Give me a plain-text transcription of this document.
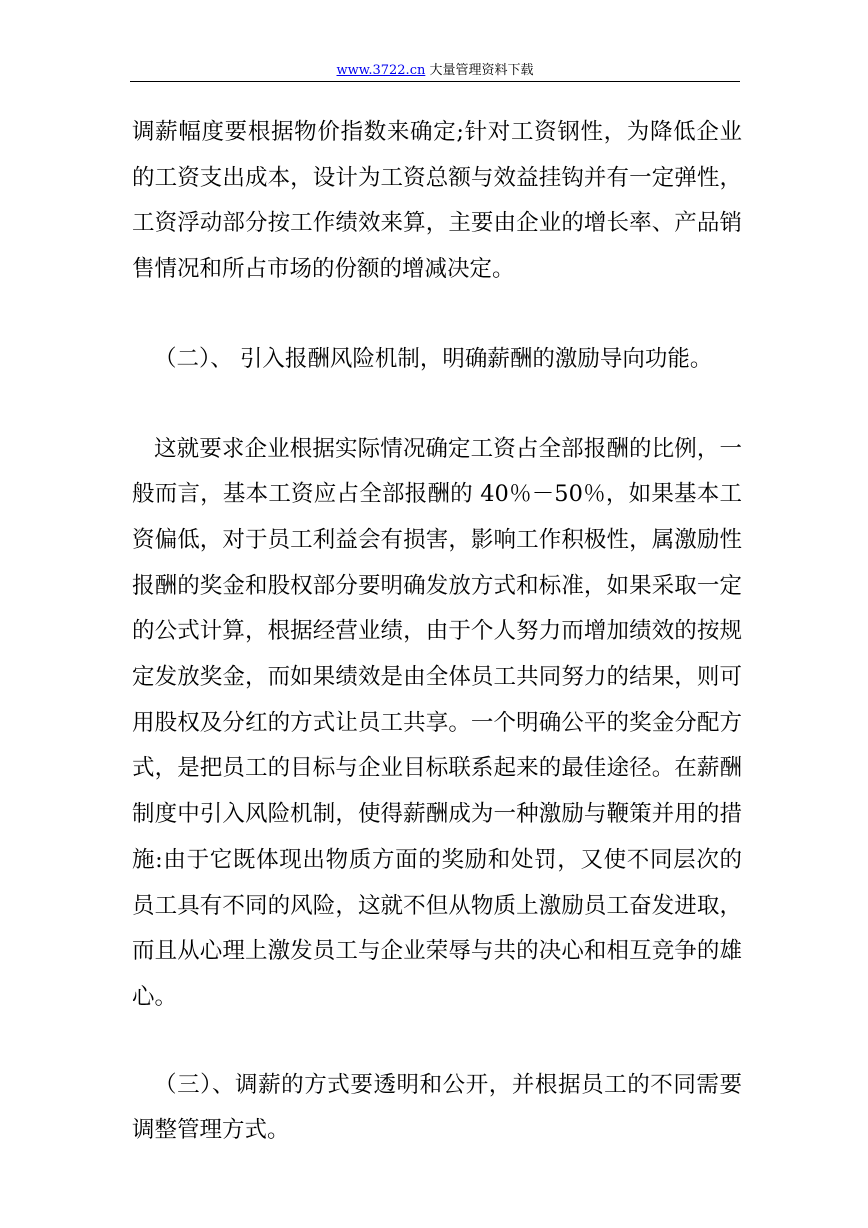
www.3722.cn 大量管理资料下载

调薪幅度要根据物价指数来确定;针对工资钢性，为降低企业的工资支出成本，设计为工资总额与效益挂钩并有一定弹性，工资浮动部分按工作绩效来算，主要由企业的增长率、产品销售情况和所占市场的份额的增减决定。

（二）、 引入报酬风险机制，明确薪酬的激励导向功能。

这就要求企业根据实际情况确定工资占全部报酬的比例，一般而言，基本工资应占全部报酬的 40％－50％，如果基本工资偏低，对于员工利益会有损害，影响工作积极性，属激励性报酬的奖金和股权部分要明确发放方式和标准，如果采取一定的公式计算，根据经营业绩，由于个人努力而增加绩效的按规定发放奖金，而如果绩效是由全体员工共同努力的结果，则可用股权及分红的方式让员工共享。一个明确公平的奖金分配方式，是把员工的目标与企业目标联系起来的最佳途径。在薪酬制度中引入风险机制，使得薪酬成为一种激励与鞭策并用的措施:由于它既体现出物质方面的奖励和处罚，又使不同层次的员工具有不同的风险，这就不但从物质上激励员工奋发进取，而且从心理上激发员工与企业荣辱与共的决心和相互竞争的雄心。

（三）、调薪的方式要透明和公开，并根据员工的不同需要调整管理方式。
